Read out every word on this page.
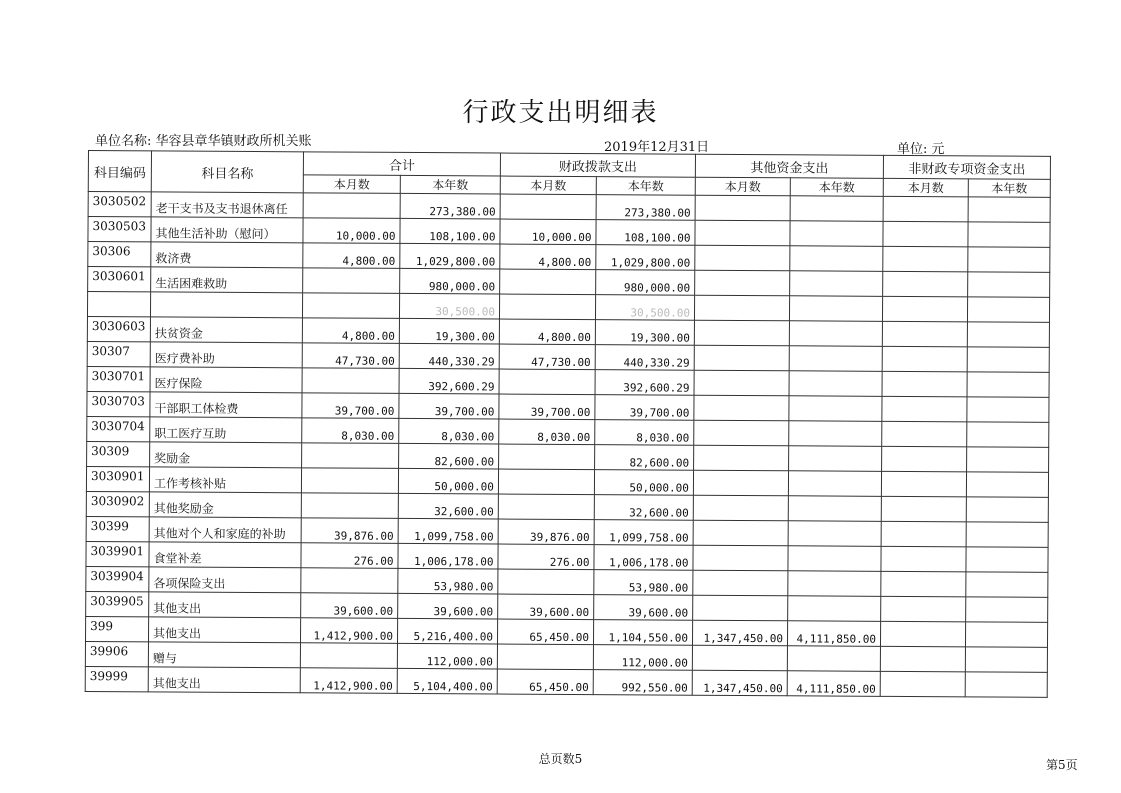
行政支出明细表
单位名称: 华容县章华镇财政所机关账	2019年12月31日	单位: 元
科目编码	科目名称	合计		财政拨款支出		其他资金支出		非财政专项资金支出	
		本月数	本年数	本月数	本年数	本月数	本年数	本月数	本年数
3030502	老干支书及支书退休离任		273,380.00		273,380.00				
3030503	其他生活补助（慰问）	10,000.00	108,100.00	10,000.00	108,100.00				
30306	救济费	4,800.00	1,029,800.00	4,800.00	1,029,800.00				
3030601	生活困难救助		980,000.00		980,000.00				
			30,500.00		30,500.00				
3030603	扶贫资金	4,800.00	19,300.00	4,800.00	19,300.00				
30307	医疗费补助	47,730.00	440,330.29	47,730.00	440,330.29				
3030701	医疗保险		392,600.29		392,600.29				
3030703	干部职工体检费	39,700.00	39,700.00	39,700.00	39,700.00				
3030704	职工医疗互助	8,030.00	8,030.00	8,030.00	8,030.00				
30309	奖励金		82,600.00		82,600.00				
3030901	工作考核补贴		50,000.00		50,000.00				
3030902	其他奖励金		32,600.00		32,600.00				
30399	其他对个人和家庭的补助	39,876.00	1,099,758.00	39,876.00	1,099,758.00				
3039901	食堂补差	276.00	1,006,178.00	276.00	1,006,178.00				
3039904	各项保险支出		53,980.00		53,980.00				
3039905	其他支出	39,600.00	39,600.00	39,600.00	39,600.00				
399	其他支出	1,412,900.00	5,216,400.00	65,450.00	1,104,550.00	1,347,450.00	4,111,850.00		
39906	赠与		112,000.00		112,000.00				
39999	其他支出	1,412,900.00	5,104,400.00	65,450.00	992,550.00	1,347,450.00	4,111,850.00		
总页数5	第5页
